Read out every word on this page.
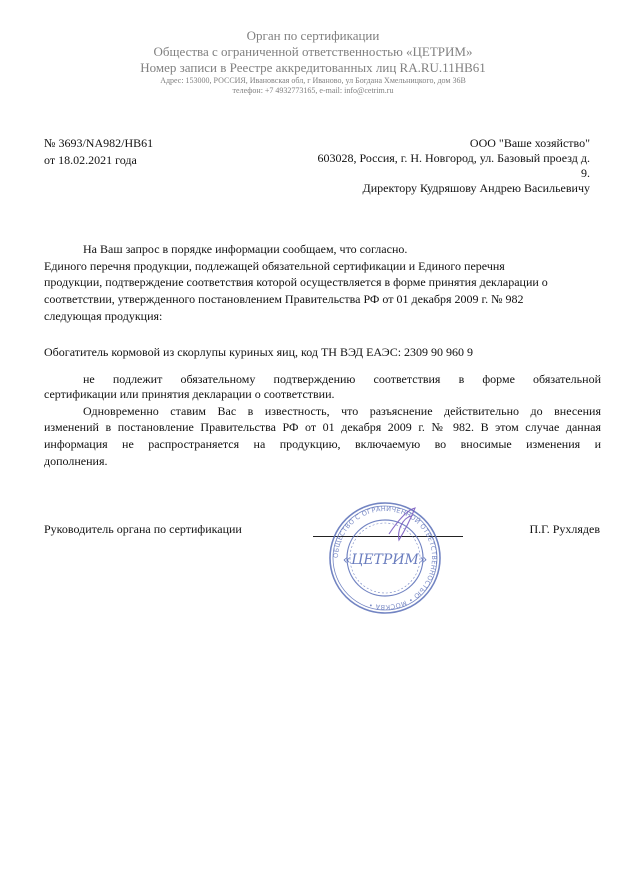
Орган по сертификации
Общества с ограниченной ответственностью «ЦЕТРИМ»
Номер записи в Реестре аккредитованных лиц RA.RU.11НВ61
Адрес: 153000, РОССИЯ, Ивановская обл, г Иваново, ул Богдана Хмельницкого, дом 36В
телефон: +7 4932773165, e-mail: info@cetrim.ru
№ 3693/NA982/НВ61
от 18.02.2021 года
ООО "Ваше хозяйство"
603028, Россия, г. Н. Новгород, ул. Базовый проезд д.
9.
Директору Кудряшову Андрею Васильевичу
На Ваш запрос в порядке информации сообщаем, что согласно.
Единого перечня продукции, подлежащей обязательной сертификации и Единого перечня
продукции, подтверждение соответствия которой осуществляется в форме принятия декларации о
соответствии, утвержденного постановлением Правительства РФ от 01 декабря 2009 г. № 982
следующая продукция:
Обогатитель кормовой из скорлупы куриных яиц, код ТН ВЭД ЕАЭС: 2309 90 960 9
не подлежит обязательному подтверждению соответствия в форме обязательной
сертификации или принятия декларации о соответствии.
Одновременно ставим Вас в известность, что разъяснение действительно до внесения
изменений в постановление Правительства РФ от 01 декабря 2009 г. № 982. В этом случае данная
информация не распространяется на продукцию, включаемую во вносимые изменения и
дополнения.
Руководитель органа по сертификации	П.Г. Рухлядев
ОБЩЕСТВО С ОГРАНИЧЕННОЙ ОТВЕТСТВЕННОСТЬЮ • МОСКВА •
«ЦЕТРИМ»
